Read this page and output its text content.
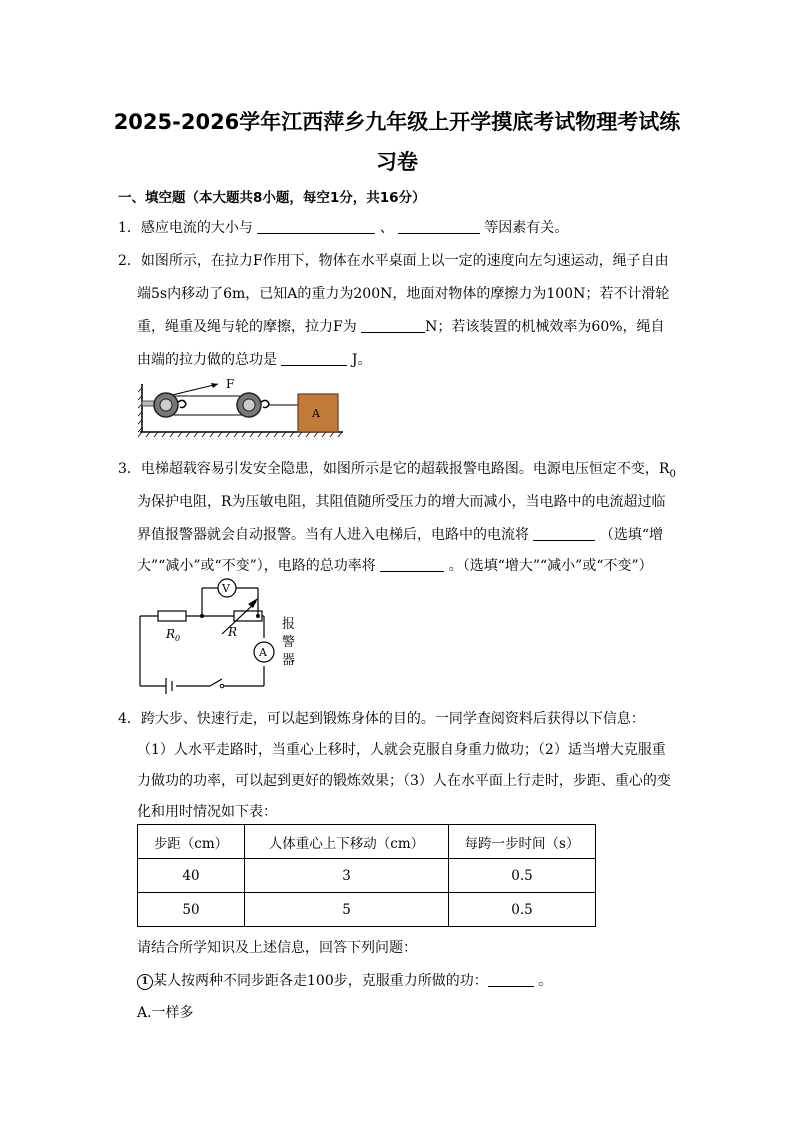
2025-2026学年江西萍乡九年级上开学摸底考试物理考试练
习卷
一、填空题（本大题共8小题，每空1分，共16分）
1．感应电流的大小与	、	等因素有关。
2．如图所示，在拉力F作用下，物体在水平桌面上以一定的速度向左匀速运动，绳子自由
端5s内移动了6m，已知A的重力为200N，地面对物体的摩擦力为100N；若不计滑轮
重，绳重及绳与轮的摩擦，拉力F为	N；若该装置的机械效率为60%，绳自
由端的拉力做的总功是	J。
F
A
3．电梯超载容易引发安全隐患，如图所示是它的超载报警电路图。电源电压恒定不变，$R_0$
为保护电阻，R为压敏电阻，其阻值随所受压力的增大而减小，当电路中的电流超过临
界值报警器就会自动报警。当有人进入电梯后，电路中的电流将	（选填“增
大”“减小”或“不变”），电路的总功率将	。（选填“增大”“减小”或“不变”）
V
A
$R_0$	R	报
警
器
4．跨大步、快速行走，可以起到锻炼身体的目的。一同学查阅资料后获得以下信息：
（1）人水平走路时，当重心上移时，人就会克服自身重力做功；（2）适当增大克服重
力做功的功率，可以起到更好的锻炼效果；（3）人在水平面上行走时，步距、重心的变
化和用时情况如下表：
步距（cm）	人体重心上下移动（cm）	每跨一步时间（s）
40	3	0.5
50	5	0.5
请结合所学知识及上述信息，回答下列问题：
1 某人按两种不同步距各走100步，克服重力所做的功：	。
A.一样多
